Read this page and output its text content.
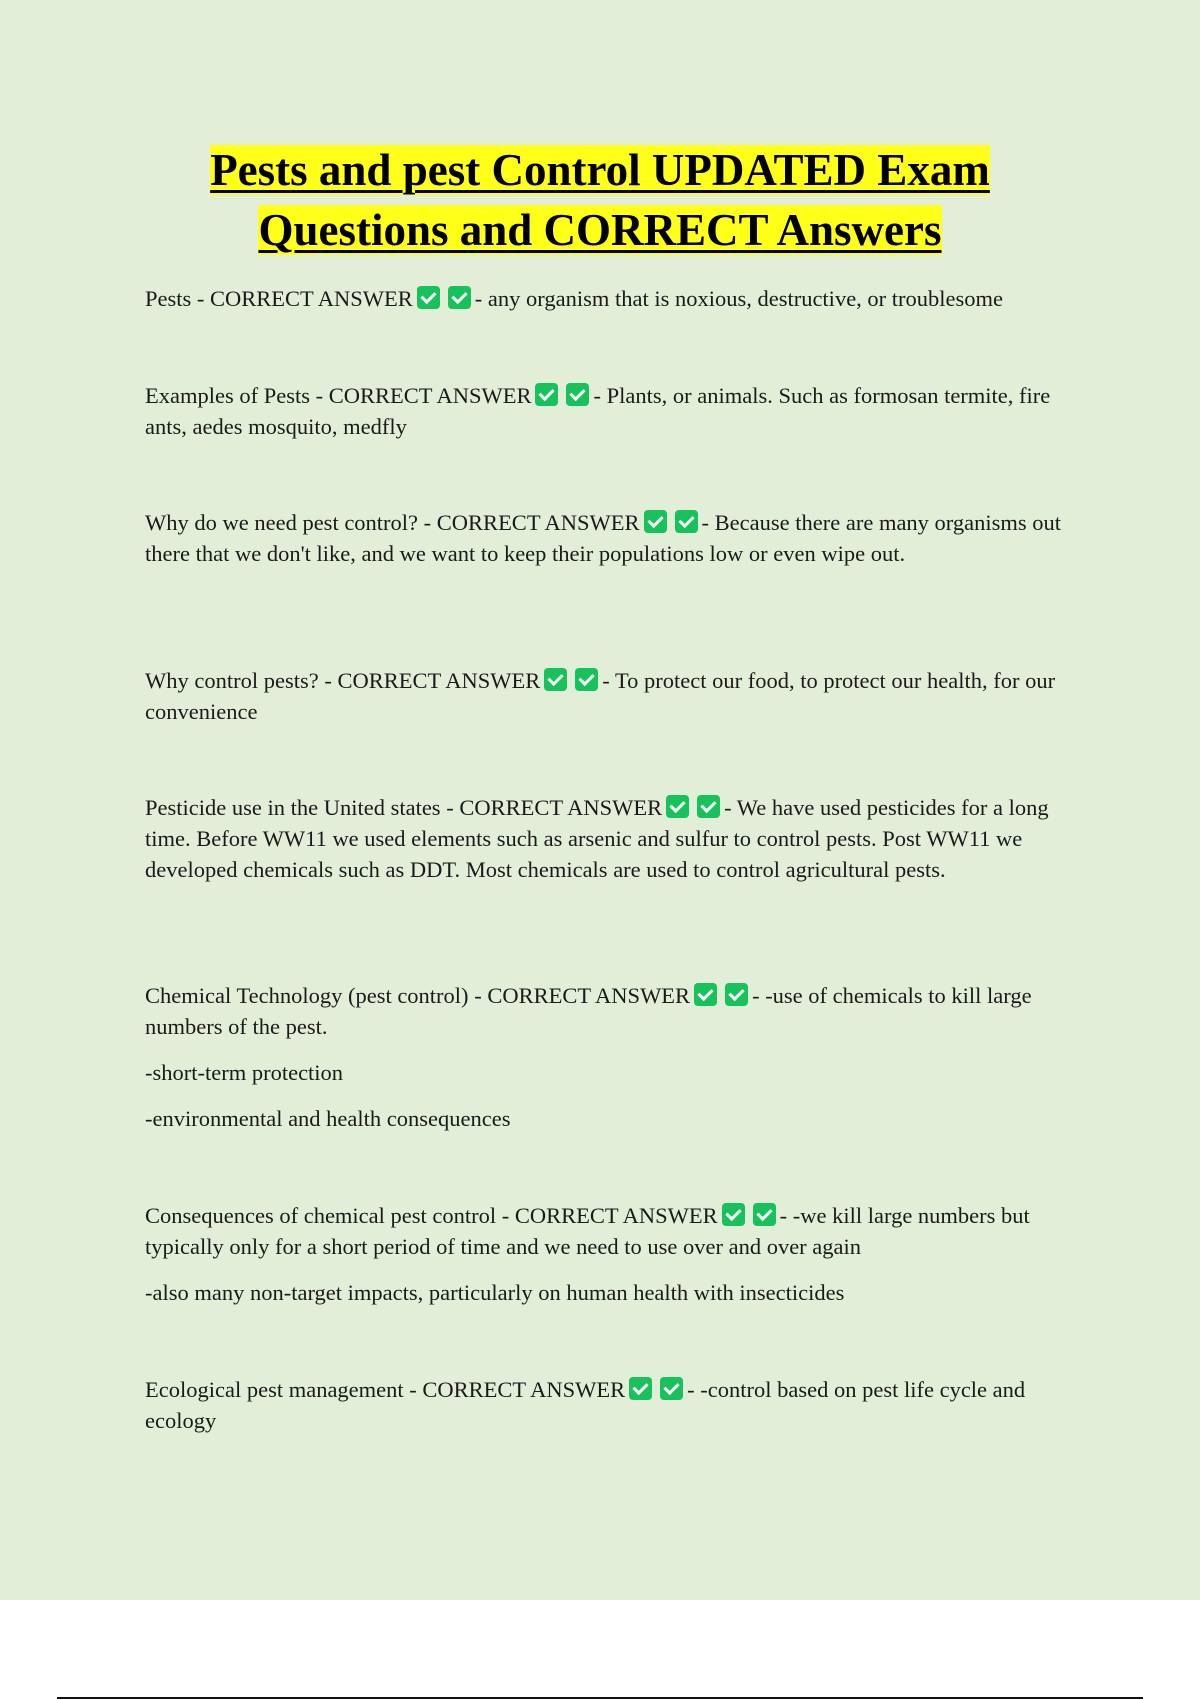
Pests and pest Control UPDATED Exam
Questions and CORRECT Answers

Pests - CORRECT ANSWER	- any organism that is noxious, destructive, or troublesome

Examples of Pests - CORRECT ANSWER	- Plants, or animals. Such as formosan termite, fire ants, aedes mosquito, medfly

Why do we need pest control? - CORRECT ANSWER	- Because there are many organisms out there that we don't like, and we want to keep their populations low or even wipe out.

Why control pests? - CORRECT ANSWER	- To protect our food, to protect our health, for our convenience

Pesticide use in the United states - CORRECT ANSWER	- We have used pesticides for a long time. Before WW11 we used elements such as arsenic and sulfur to control pests. Post WW11 we developed chemicals such as DDT. Most chemicals are used to control agricultural pests.

Chemical Technology (pest control) - CORRECT ANSWER	- -use of chemicals to kill large numbers of the pest.

-short-term protection

-environmental and health consequences

Consequences of chemical pest control - CORRECT ANSWER	- -we kill large numbers but typically only for a short period of time and we need to use over and over again

-also many non-target impacts, particularly on human health with insecticides

Ecological pest management - CORRECT ANSWER	- -control based on pest life cycle and ecology
